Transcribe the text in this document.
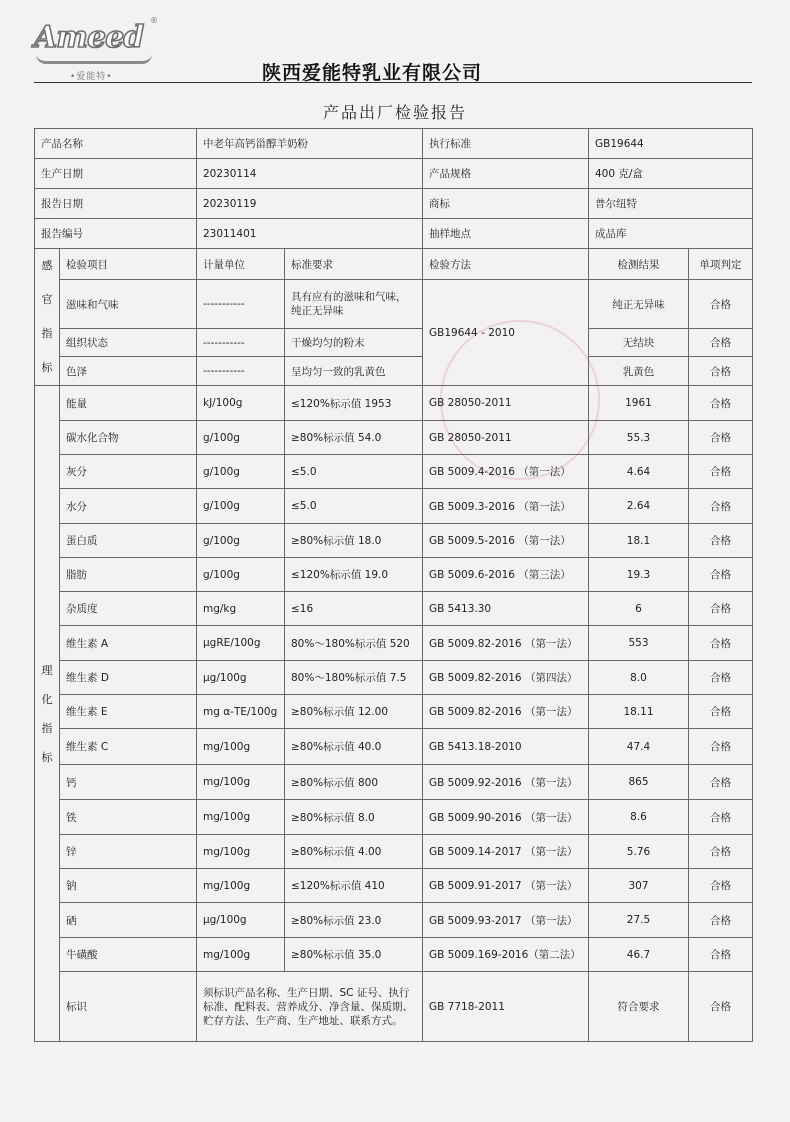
Ameed ®
•爱能特•	陕西爱能特乳业有限公司
产品出厂检验报告
产品名称		中老年高钙甾醇羊奶粉		执行标准	GB19644	
生产日期		20230114		产品规格	400 克/盒	
报告日期		20230119		商标	普尔纽特	
报告编号		23011401		抽样地点	成品库	

感
官
指
标	检验项目	计量单位	标准要求	检验方法	检测结果	单项判定
	滋味和气味	-----------	具有应有的滋味和气味，纯正无异味	GB19644 - 2010	纯正无异味	合格
	组织状态	-----------	干燥均匀的粉末		无结块	合格
	色泽	-----------	呈均匀一致的乳黄色		乳黄色	合格

理
化
指
标	能量	kJ/100g	≤120%标示值 1953	GB 28050-2011	1961	合格
	碳水化合物	g/100g	≥80%标示值 54.0	GB 28050-2011	55.3	合格
	灰分	g/100g	≤5.0	GB 5009.4-2016 （第一法）	4.64	合格
	水分	g/100g	≤5.0	GB 5009.3-2016 （第一法）	2.64	合格
	蛋白质	g/100g	≥80%标示值 18.0	GB 5009.5-2016 （第一法）	18.1	合格
	脂肪	g/100g	≤120%标示值 19.0	GB 5009.6-2016 （第三法）	19.3	合格
	杂质度	mg/kg	≤16	GB 5413.30	6	合格
	维生素 A	μgRE/100g	80%～180%标示值 520	GB 5009.82-2016 （第一法）	553	合格
	维生素 D	μg/100g	80%～180%标示值 7.5	GB 5009.82-2016 （第四法）	8.0	合格
	维生素 E	mg α-TE/100g	≥80%标示值 12.00	GB 5009.82-2016 （第一法）	18.11	合格
	维生素 C	mg/100g	≥80%标示值 40.0	GB 5413.18-2010	47.4	合格
	钙	mg/100g	≥80%标示值 800	GB 5009.92-2016 （第一法）	865	合格
	铁	mg/100g	≥80%标示值 8.0	GB 5009.90-2016 （第一法）	8.6	合格
	锌	mg/100g	≥80%标示值 4.00	GB 5009.14-2017 （第一法）	5.76	合格
	钠	mg/100g	≤120%标示值 410	GB 5009.91-2017 （第一法）	307	合格
	硒	μg/100g	≥80%标示值 23.0	GB 5009.93-2017 （第一法）	27.5	合格
	牛磺酸	mg/100g	≥80%标示值 35.0	GB 5009.169-2016（第二法）	46.7	合格
	标识	须标识产品名称、生产日期、SC 证号、执行标准、配料表、营养成分、净含量、保质期、贮存方法、生产商、生产地址、联系方式。		GB 7718-2011	符合要求	合格
